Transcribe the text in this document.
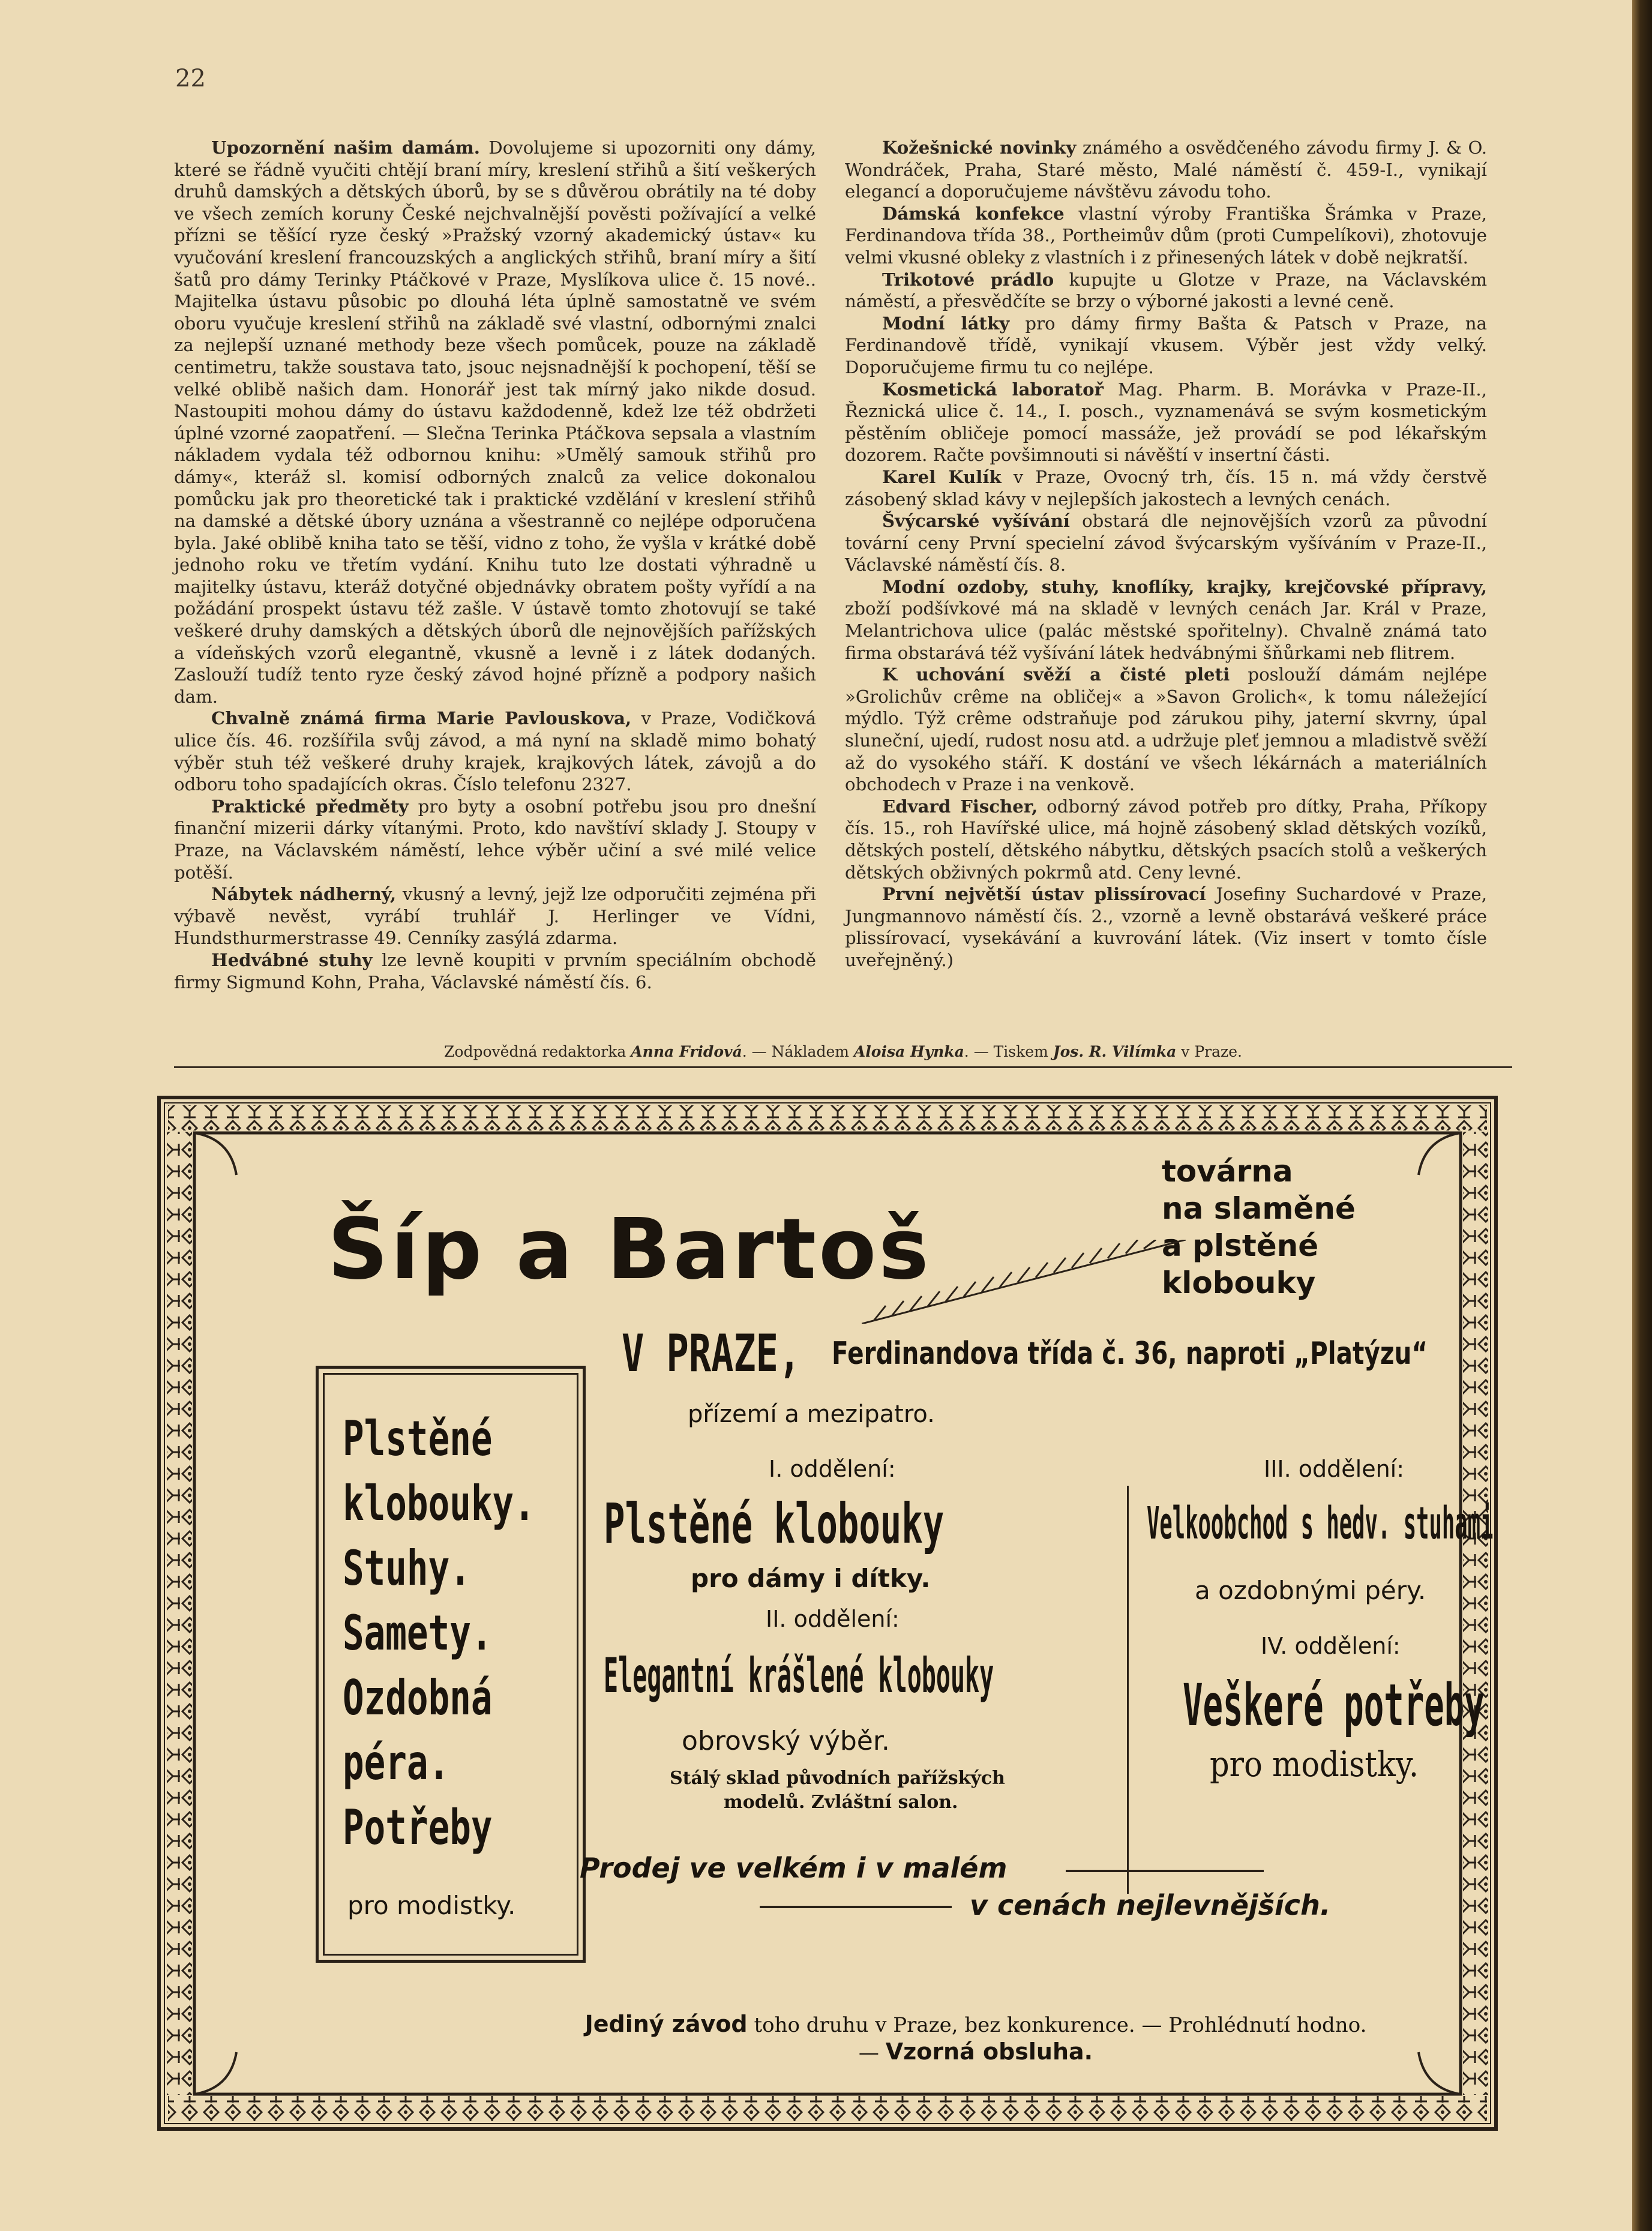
22

Upozornění našim damám. Dovolujeme si upozorniti ony dámy, které se řádně vyučiti chtějí braní míry, kreslení střihů a šití veškerých druhů damských a dětských úborů, by se s důvěrou obrátily na té doby ve všech zemích koruny České nejchvalnější pověsti požívající a velké přízni se těšící ryze český »Pražský vzorný akademický ústav« ku vyučování kreslení francouzských a anglických střihů, braní míry a šití šatů pro dámy Terinky Ptáčkové v Praze, Myslíkova ulice č. 15 nové.. Majitelka ústavu působic po dlouhá léta úplně samostatně ve svém oboru vyučuje kreslení střihů na základě své vlastní, odbornými znalci za nejlepší uznané methody beze všech pomůcek, pouze na základě centimetru, takže soustava tato, jsouc nejsnadnější k pochopení, těší se velké oblibě našich dam. Honorář jest tak mírný jako nikde dosud. Nastoupiti mohou dámy do ústavu každodenně, kdež lze též obdržeti úplné vzorné zaopatření. — Slečna Terinka Ptáčkova sepsala a vlastním nákladem vydala též odbornou knihu: »Umělý samouk střihů pro dámy«, kteráž sl. komisí odborných znalců za velice dokonalou pomůcku jak pro theoretické tak i praktické vzdělání v kreslení střihů na damské a dětské úbory uznána a všestranně co nejlépe odporučena byla. Jaké oblibě kniha tato se těší, vidno z toho, že vyšla v krátké době jednoho roku ve třetím vydání. Knihu tuto lze dostati výhradně u majitelky ústavu, kteráž dotyčné objednávky obratem pošty vyřídí a na požádání prospekt ústavu též zašle. V ústavě tomto zhotovují se také veškeré druhy damských a dětských úborů dle nejnovějších pařížských a vídeňských vzorů elegantně, vkusně a levně i z látek dodaných. Zaslouží tudíž tento ryze český závod hojné přízně a podpory našich dam.

Chvalně známá firma Marie Pavlouskova, v Praze, Vodičková ulice čís. 46. rozšířila svůj závod, a má nyní na skladě mimo bohatý výběr stuh též veškeré druhy krajek, krajkových látek, závojů a do odboru toho spadajících okras. Číslo telefonu 2327.

Praktické předměty pro byty a osobní potřebu jsou pro dnešní finanční mizerii dárky vítanými. Proto, kdo navštíví sklady J. Stoupy v Praze, na Václavském náměstí, lehce výběr učiní a své milé velice potěší.

Nábytek nádherný, vkusný a levný, jejž lze odporučiti zejména při výbavě nevěst, vyrábí truhlář J. Herlinger ve Vídni, Hundsthurmerstrasse 49. Cenníky zasýlá zdarma.

Hedvábné stuhy lze levně koupiti v prvním speciálním obchodě firmy Sigmund Kohn, Praha, Václavské náměstí čís. 6.

Kožešnické novinky známého a osvědčeného závodu firmy J. & O. Wondráček, Praha, Staré město, Malé náměstí č. 459-I., vynikají elegancí a doporučujeme návštěvu závodu toho.

Dámská konfekce vlastní výroby Františka Šrámka v Praze, Ferdinandova třída 38., Portheimův dům (proti Cumpelíkovi), zhotovuje velmi vkusné obleky z vlastních i z přinesených látek v době nejkratší.

Trikotové prádlo kupujte u Glotze v Praze, na Václavském náměstí, a přesvědčíte se brzy o výborné jakosti a levné ceně.

Modní látky pro dámy firmy Bašta & Patsch v Praze, na Ferdinandově třídě, vynikají vkusem. Výběr jest vždy velký. Doporučujeme firmu tu co nejlépe.

Kosmetická laboratoř Mag. Pharm. B. Morávka v Praze-II., Řeznická ulice č. 14., I. posch., vyznamenává se svým kosmetickým pěstěním obličeje pomocí massáže, jež provádí se pod lékařským dozorem. Račte povšimnouti si návěští v insertní části.

Karel Kulík v Praze, Ovocný trh, čís. 15 n. má vždy čerstvě zásobený sklad kávy v nejlepších jakostech a levných cenách.

Švýcarské vyšívání obstará dle nejnovějších vzorů za původní tovární ceny První specielní závod švýcarským vyšíváním v Praze-II., Václavské náměstí čís. 8.

Modní ozdoby, stuhy, knoflíky, krajky, krejčovské přípravy, zboží podšívkové má na skladě v levných cenách Jar. Král v Praze, Melantrichova ulice (palác městské spořitelny). Chvalně známá tato firma obstarává též vyšívání látek hedvábnými šňůrkami neb flitrem.

K uchování svěží a čisté pleti poslouží dámám nejlépe »Grolichův crême na obličej« a »Savon Grolich«, k tomu náležející mýdlo. Týž crême odstraňuje pod zárukou pihy, jaterní skvrny, úpal sluneční, ujedí, rudost nosu atd. a udržuje pleť jemnou a mladistvě svěží až do vysokého stáří. K dostání ve všech lékárnách a materiálních obchodech v Praze i na venkově.

Edvard Fischer, odborný závod potřeb pro dítky, Praha, Příkopy čís. 15., roh Havířské ulice, má hojně zásobený sklad dětských vozíků, dětských postelí, dětského nábytku, dětských psacích stolů a veškerých dětských obživných pokrmů atd. Ceny levné.

První největší ústav plissírovací Josefiny Suchardové v Praze, Jungmannovo náměstí čís. 2., vzorně a levně obstarává veškeré práce plissírovací, vysekávání a kuvrování látek. (Viz insert v tomto čísle uveřejněný.)

Zodpovědná redaktorka Anna Fridová. — Nákladem Aloisa Hynka. — Tiskem Jos. R. Vilímka v Praze.
Šíp a Bartoš
továrna
na slaměné
a plstěné
klobouky
V PRAZE, Ferdinandova třída č. 36, naproti „Platýzu“
přízemí a mezipatro.
Plstěné
klobouky.
Stuhy.
Samety.
Ozdobná
péra.
Potřeby
pro modistky.
I. oddělení:
Plstěné klobouky
pro dámy i dítky.
II. oddělení:
Elegantní krášlené klobouky
obrovský výběr.
Stálý sklad původních pařížských
modelů. Zvláštní salon.
III. oddělení:
Velkoobchod s hedv. stuhami
a ozdobnými péry.
IV. oddělení:
Veškeré potřeby
pro modistky.
Prodej ve velkém i v malém
v cenách nejlevnějších.
Jediný závod toho druhu v Praze, bez konkurence. — Prohlédnutí hodno. — Vzorná obsluha.
